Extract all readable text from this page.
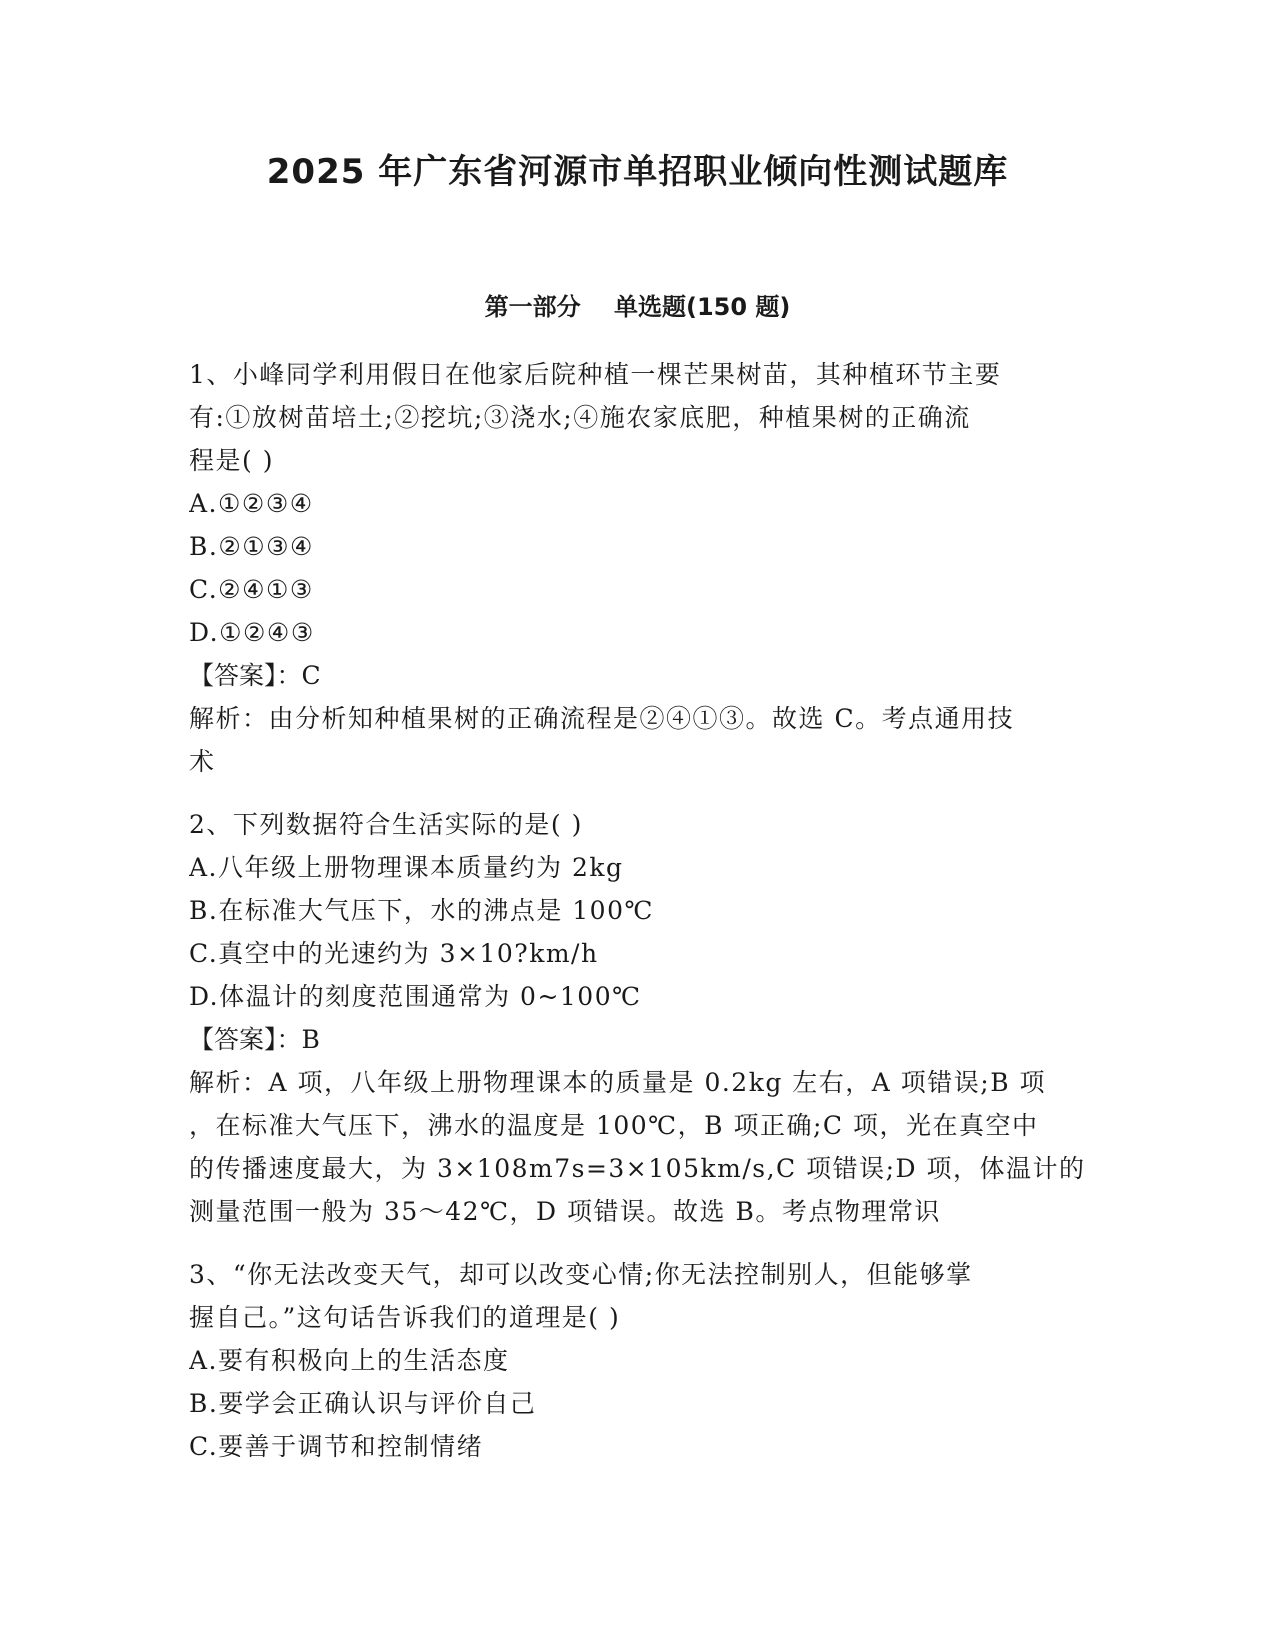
2025 年广东省河源市单招职业倾向性测试题库
第一部分    单选题(150 题)
1、小峰同学利用假日在他家后院种植一棵芒果树苗，其种植环节主要
有:①放树苗培土;②挖坑;③浇水;④施农家底肥，种植果树的正确流
程是( )
A.①②③④
B.②①③④
C.②④①③
D.①②④③
【答案】：C
解析：由分析知种植果树的正确流程是②④①③。故选 C。考点通用技
术
2、下列数据符合生活实际的是( )
A.八年级上册物理课本质量约为 2kg
B.在标准大气压下，水的沸点是 100℃
C.真空中的光速约为 3×10?km/h
D.体温计的刻度范围通常为 0~100℃
【答案】：B
解析：A 项，八年级上册物理课本的质量是 0.2kg 左右，A 项错误;B 项
，在标准大气压下，沸水的温度是 100℃，B 项正确;C 项，光在真空中
的传播速度最大，为 3×108m7s=3×105km/s,C 项错误;D 项，体温计的
测量范围一般为 35～42℃，D 项错误。故选 B。考点物理常识
3、“你无法改变天气，却可以改变心情;你无法控制别人，但能够掌
握自己。”这句话告诉我们的道理是( )
A.要有积极向上的生活态度
B.要学会正确认识与评价自己
C.要善于调节和控制情绪
